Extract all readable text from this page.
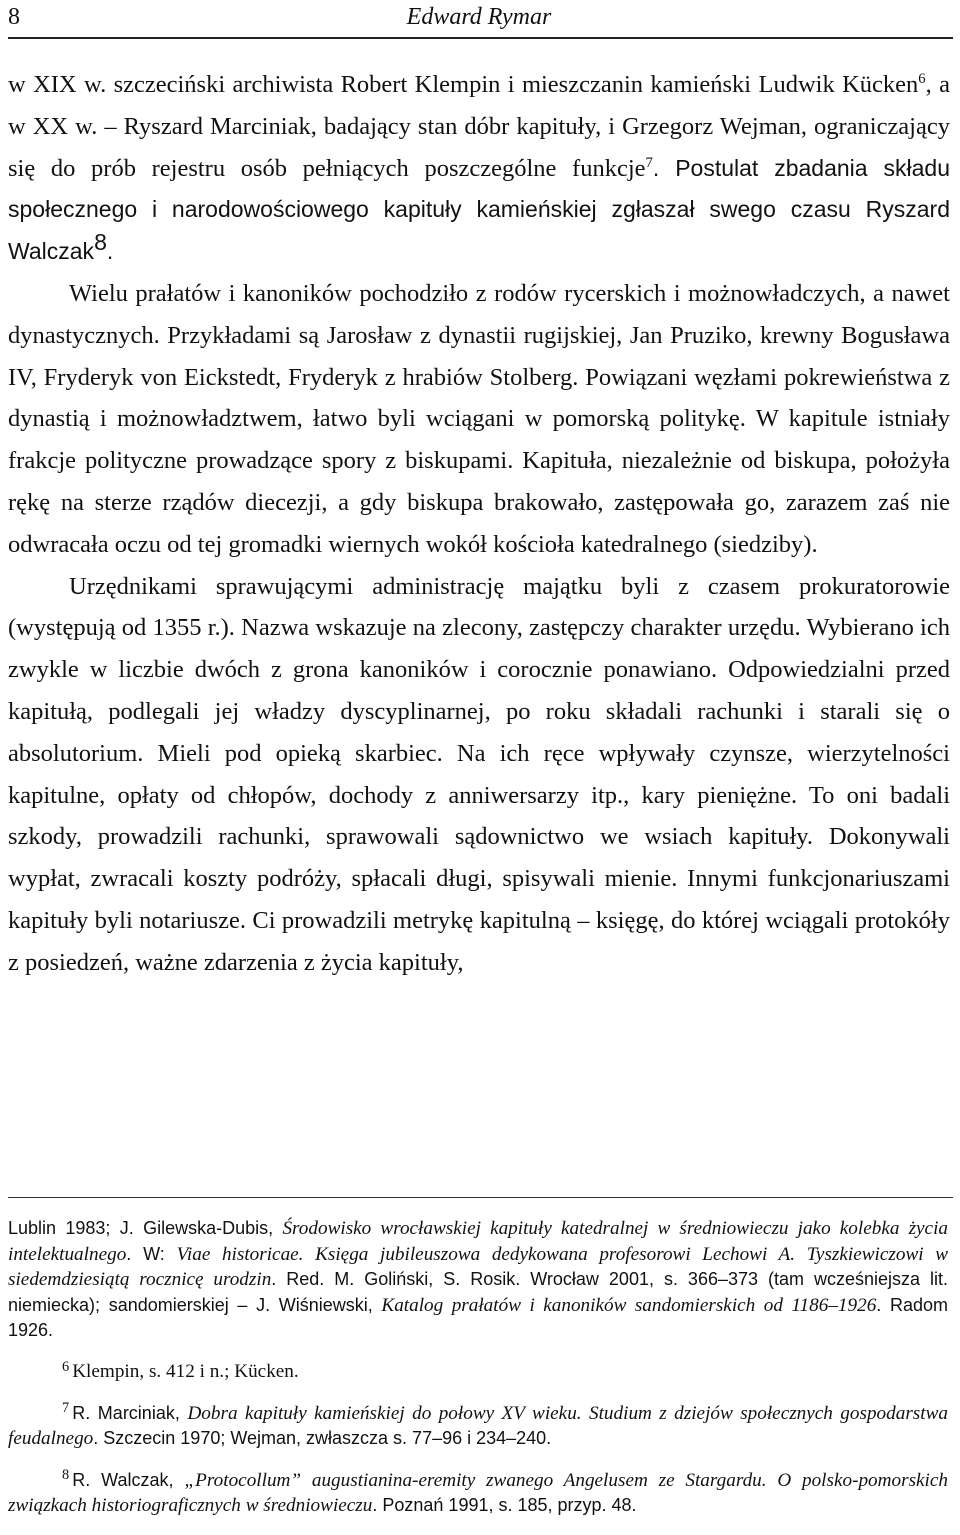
8	Edward Rymar

w XIX w. szczeciński archiwista Robert Klempin i mieszczanin kamieński Ludwik Kücken$^6$, a w XX w. – Ryszard Marciniak, badający stan dóbr kapituły, i Grzegorz Wejman, ograniczający się do prób rejestru osób pełniących poszczególne funkcje$^7$. Postulat zbadania składu społecznego i narodowościowego kapituły kamieńskiej zgłaszał swego czasu Ryszard Walczak$^8$.

Wielu prałatów i kanoników pochodziło z rodów rycerskich i możnowładczych, a nawet dynastycznych. Przykładami są Jarosław z dynastii rugijskiej, Jan Pruziko, krewny Bogusława IV, Fryderyk von Eickstedt, Fryderyk z hrabiów Stolberg. Powiązani węzłami pokrewieństwa z dynastią i możnowładztwem, łatwo byli wciągani w pomorską politykę. W kapitule istniały frakcje polityczne prowadzące spory z biskupami. Kapituła, niezależnie od biskupa, położyła rękę na sterze rządów diecezji, a gdy biskupa brakowało, zastępowała go, zarazem zaś nie odwracała oczu od tej gromadki wiernych wokół kościoła katedralnego (siedziby).

Urzędnikami sprawującymi administrację majątku byli z czasem prokuratorowie (występują od 1355 r.). Nazwa wskazuje na zlecony, zastępczy charakter urzędu. Wybierano ich zwykle w liczbie dwóch z grona kanoników i corocznie ponawiano. Odpowiedzialni przed kapitułą, podlegali jej władzy dyscyplinarnej, po roku składali rachunki i starali się o absolutorium. Mieli pod opieką skarbiec. Na ich ręce wpływały czynsze, wierzytelności kapitulne, opłaty od chłopów, dochody z anniwersarzy itp., kary pieniężne. To oni badali szkody, prowadzili rachunki, sprawowali sądownictwo we wsiach kapituły. Dokonywali wypłat, zwracali koszty podróży, spłacali długi, spisywali mienie. Innymi funkcjonariuszami kapituły byli notariusze. Ci prowadzili metrykę kapitulną – księgę, do której wciągali protokóły z posiedzeń, ważne zdarzenia z życia kapituły,

Lublin 1983; J. Gilewska-Dubis, Środowisko wrocławskiej kapituły katedralnej w średniowieczu jako kolebka życia intelektualnego. W: Viae historicae. Księga jubileuszowa dedykowana profesorowi Lechowi A. Tyszkiewiczowi w siedemdziesiątą rocznicę urodzin. Red. M. Goliński, S. Rosik. Wrocław 2001, s. 366–373 (tam wcześniejsza lit. niemiecka); sandomierskiej – J. Wiśniewski, Katalog prałatów i kanoników sandomierskich od 1186–1926. Radom 1926.

$^6$ Klempin, s. 412 i n.; Kücken.

$^7$ R. Marciniak, Dobra kapituły kamieńskiej do połowy XV wieku. Studium z dziejów społecznych gospodarstwa feudalnego. Szczecin 1970; Wejman, zwłaszcza s. 77–96 i 234–240.

$^8$ R. Walczak, „Protocollum” augustianina-eremity zwanego Angelusem ze Stargardu. O polsko-pomorskich związkach historiograficznych w średniowieczu. Poznań 1991, s. 185, przyp. 48.
